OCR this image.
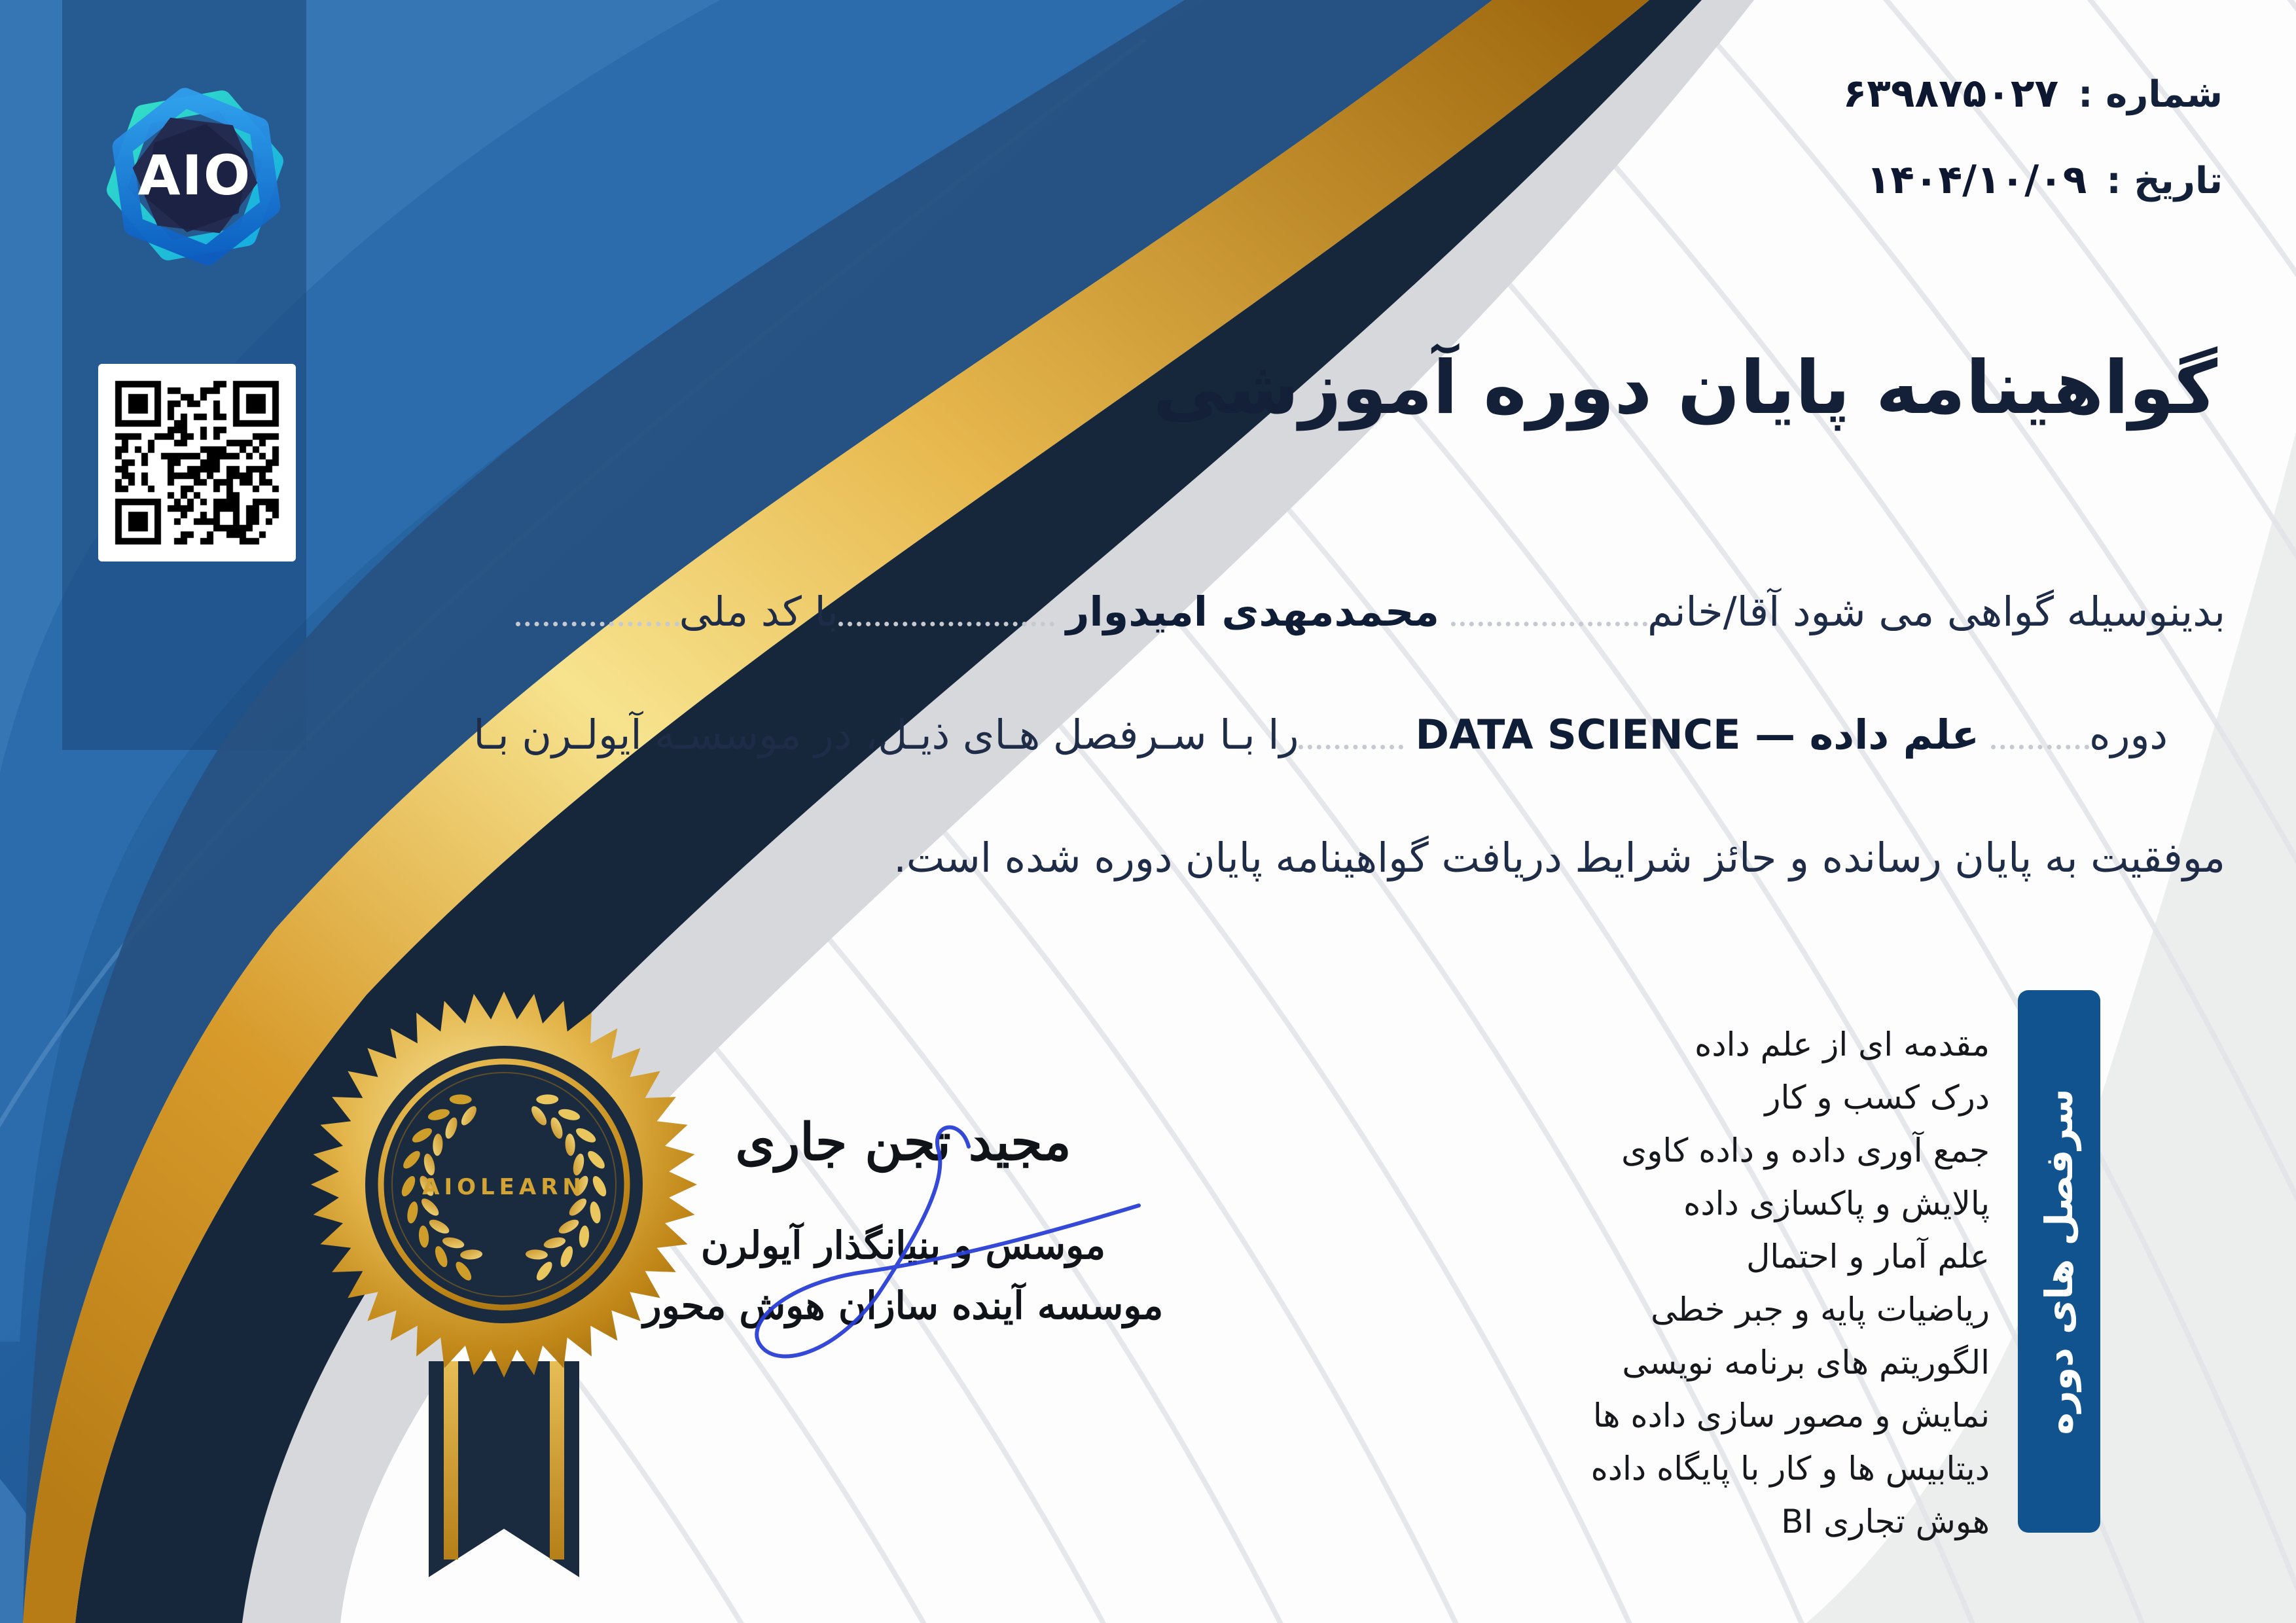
شماره :
۶۳۹۸۷۵۰۲۷
تاریخ :
۱۴۰۴/۱۰/۰۹
گواهینامه پایان دوره آموزشی
بدینوسیله گواهی می شود آقا/خانم
محمدمهدی امیدوار
با کد ملی
دوره
علم داده — DATA SCIENCE
را بـا سـرفصل هـای ذیـل، در موسسـه آیولـرن بـا
موفقیت به پایان رسانده و حائز شرایط دریافت گواهینامه پایان دوره شده است.
مقدمه ای از علم داده
درک کسب و کار
جمع آوری داده و داده کاوی
پالایش و پاکسازی داده
علم آمار و احتمال
ریاضیات پایه و جبر خطی
الگوریتم های برنامه نویسی
نمایش و مصور سازی داده ها
دیتابیس ها و کار با پایگاه داده
هوش تجاری BI
سرفصل های دوره
مجید تجن جاری
موسس و بنیانگذار آیولرن
موسسه آینده سازان هوش محور
AIOLEARN
AIO
